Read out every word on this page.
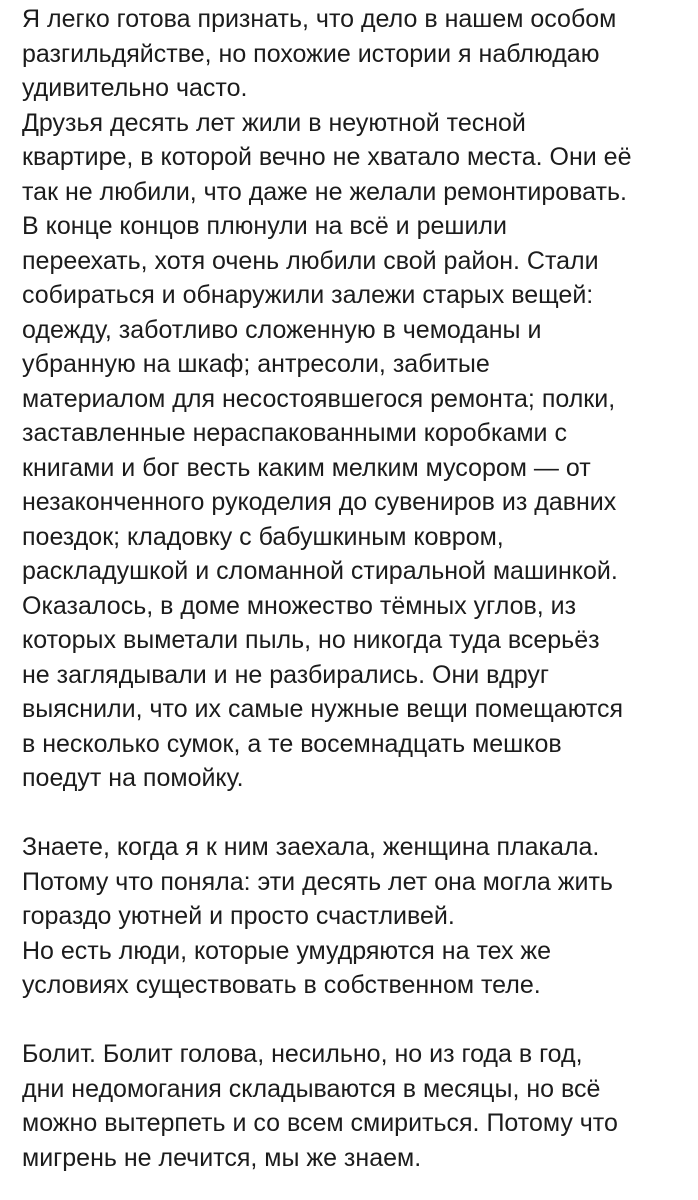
Я легко готова признать, что дело в нашем особом
разгильдяйстве, но похожие истории я наблюдаю
удивительно часто.

Друзья десять лет жили в неуютной тесной
квартире, в которой вечно не хватало места. Они её
так не любили, что даже не желали ремонтировать.
В конце концов плюнули на всё и решили
переехать, хотя очень любили свой район. Стали
собираться и обнаружили залежи старых вещей:
одежду, заботливо сложенную в чемоданы и
убранную на шкаф; антресоли, забитые
материалом для несостоявшегося ремонта; полки,
заставленные нераспакованными коробками с
книгами и бог весть каким мелким мусором — от
незаконченного рукоделия до сувениров из давних
поездок; кладовку с бабушкиным ковром,
раскладушкой и сломанной стиральной машинкой.
Оказалось, в доме множество тёмных углов, из
которых выметали пыль, но никогда туда всерьёз
не заглядывали и не разбирались. Они вдруг
выяснили, что их самые нужные вещи помещаются
в несколько сумок, а те восемнадцать мешков
поедут на помойку.

Знаете, когда я к ним заехала, женщина плакала.
Потому что поняла: эти десять лет она могла жить
гораздо уютней и просто счастливей.
Но есть люди, которые умудряются на тех же
условиях существовать в собственном теле.

Болит. Болит голова, несильно, но из года в год,
дни недомогания складываются в месяцы, но всё
можно вытерпеть и со всем смириться. Потому что
мигрень не лечится, мы же знаем.
